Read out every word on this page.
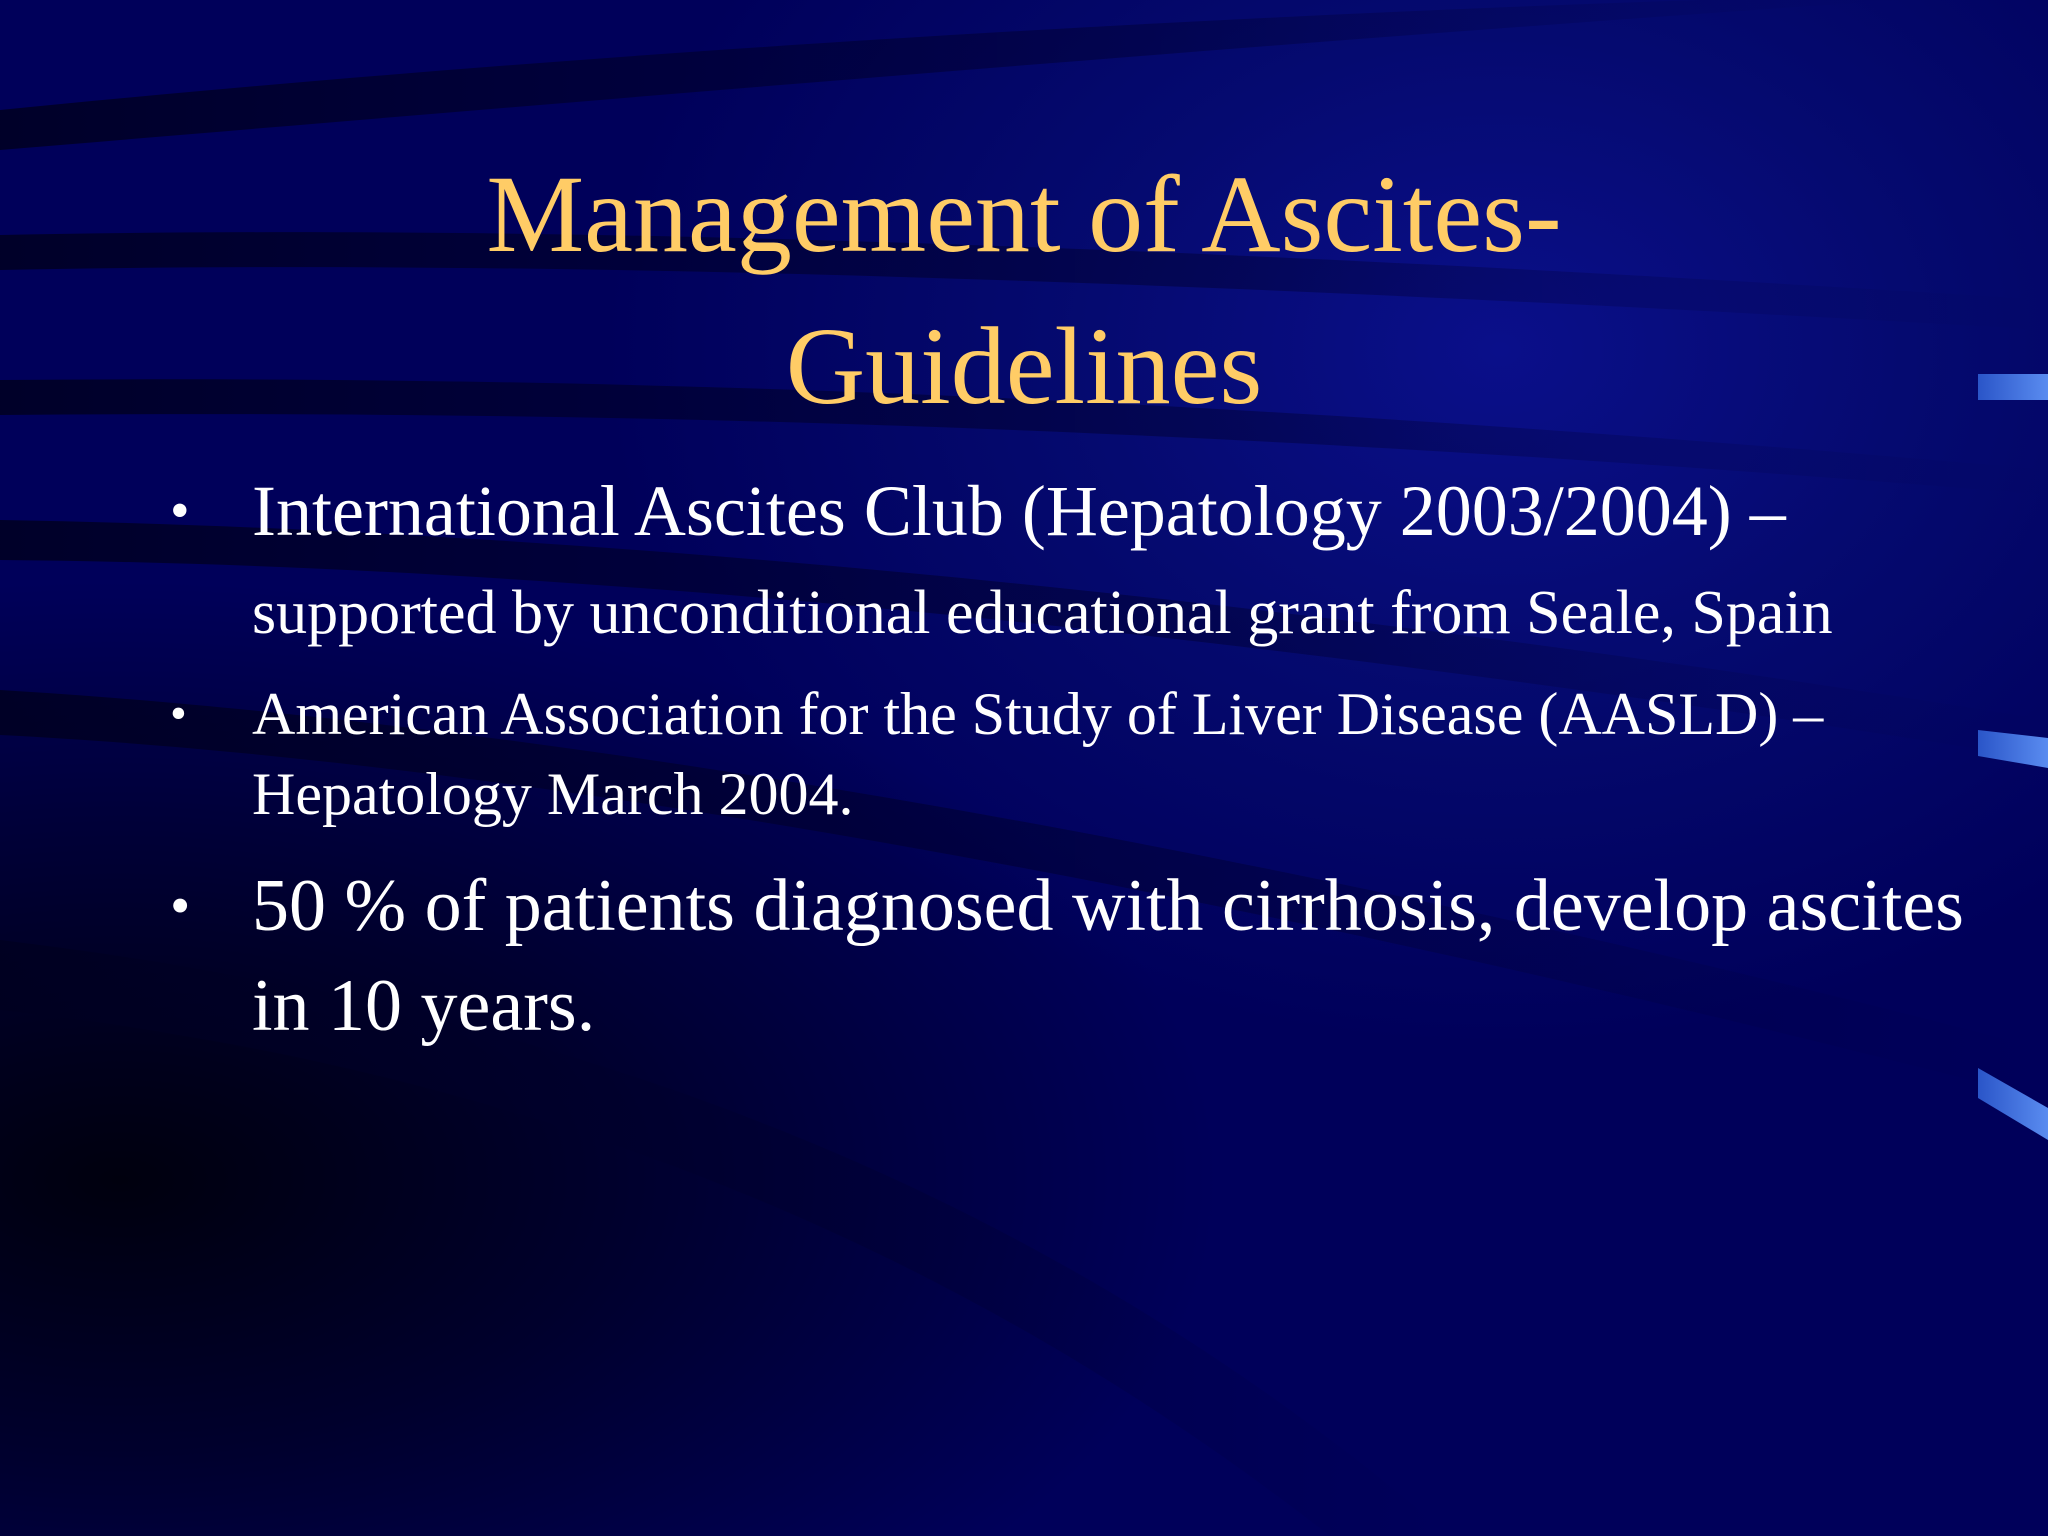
Management of Ascites-
Guidelines
• International Ascites Club (Hepatology 2003/2004) – supported by unconditional educational grant from Seale, Spain
• American Association for the Study of Liver Disease (AASLD) – Hepatology March 2004.
• 50 % of patients diagnosed with cirrhosis, develop ascites in 10 years.
